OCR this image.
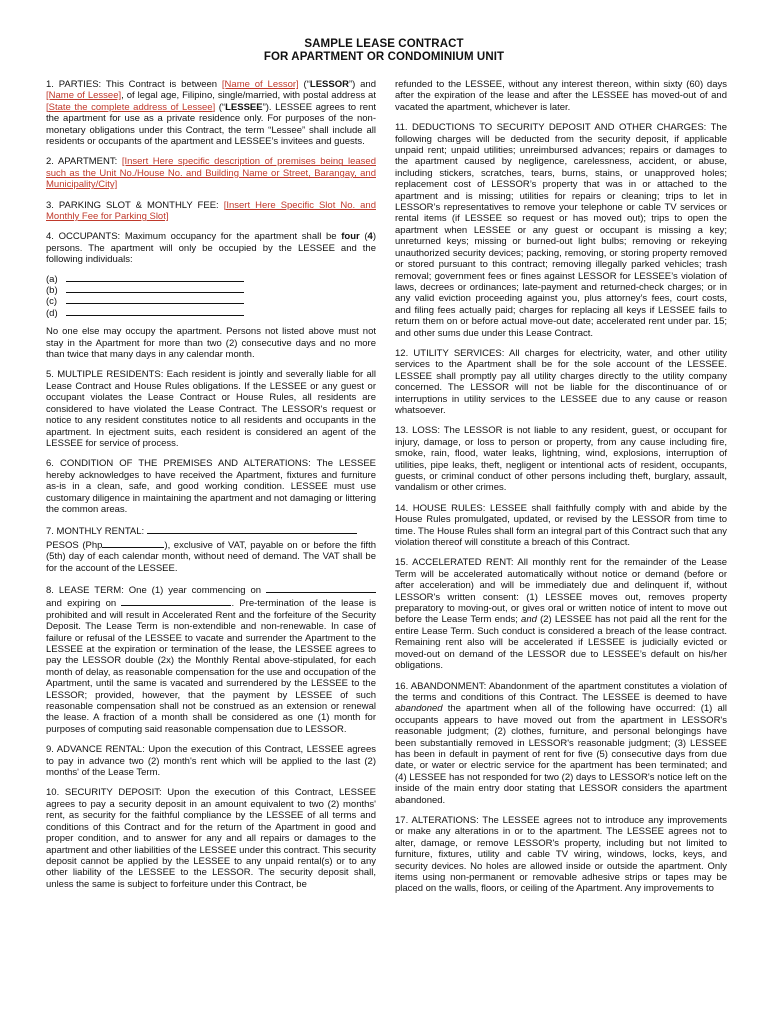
SAMPLE LEASE CONTRACT
FOR APARTMENT OR CONDOMINIUM UNIT

1. PARTIES: This Contract is between [Name of Lessor] (“LESSOR”) and [Name of Lessee], of legal age, Filipino, single/married, with postal address at [State the complete address of Lessee] (“LESSEE”). LESSEE agrees to rent the apartment for use as a private residence only. For purposes of the non-monetary obligations under this Contract, the term “Lessee” shall include all residents or occupants of the apartment and LESSEE’s invitees and guests.

2. APARTMENT: [Insert Here specific description of premises being leased such as the Unit No./House No. and Building Name or Street, Barangay, and Municipality/City]

3. PARKING SLOT & MONTHLY FEE: [Insert Here Specific Slot No. and Monthly Fee for Parking Slot]

4. OCCUPANTS: Maximum occupancy for the apartment shall be four (4) persons. The apartment will only be occupied by the LESSEE and the following individuals:

(a)
(b)
(c)
(d)

No one else may occupy the apartment. Persons not listed above must not stay in the Apartment for more than two (2) consecutive days and no more than twice that many days in any calendar month.

5. MULTIPLE RESIDENTS: Each resident is jointly and severally liable for all Lease Contract and House Rules obligations. If the LESSEE or any guest or occupant violates the Lease Contract or House Rules, all residents are considered to have violated the Lease Contract. The LESSOR's request or notice to any resident constitutes notice to all residents and occupants in the apartment. In ejectment suits, each resident is considered an agent of the LESSEE for service of process.

6. CONDITION OF THE PREMISES AND ALTERATIONS: The LESSEE hereby acknowledges to have received the Apartment, fixtures and furniture as-is in a clean, safe, and good working condition. LESSEE must use customary diligence in maintaining the apartment and not damaging or littering the common areas.

7. MONTHLY RENTAL:
PESOS (Php	), exclusive of VAT, payable on or before the fifth (5th) day of each calendar month, without need of demand. The VAT shall be for the account of the LESSEE.

8. LEASE TERM: One (1) year commencing on  and expiring on	. Pre-termination of the lease is prohibited and will result in Accelerated Rent and the forfeiture of the Security Deposit. The Lease Term is non-extendible and non-renewable. In case of failure or refusal of the LESSEE to vacate and surrender the Apartment to the LESSEE at the expiration or termination of the lease, the LESSEE agrees to pay the LESSOR double (2x) the Monthly Rental above-stipulated, for each month of delay, as reasonable compensation for the use and occupation of the Apartment, until the same is vacated and surrendered by the LESSEE to the LESSOR; provided, however, that the payment by LESSEE of such reasonable compensation shall not be construed as an extension or renewal the lease. A fraction of a month shall be considered as one (1) month for purposes of computing said reasonable compensation due to LESSOR.

9. ADVANCE RENTAL: Upon the execution of this Contract, LESSEE agrees to pay in advance two (2) month's rent which will be applied to the last (2) months' of the Lease Term.

10. SECURITY DEPOSIT: Upon the execution of this Contract, LESSEE agrees to pay a security deposit in an amount equivalent to two (2) months' rent, as security for the faithful compliance by the LESSEE of all terms and conditions of this Contract and for the return of the Apartment in good and proper condition, and to answer for any and all repairs or damages to the apartment and other liabilities of the LESSEE under this contract. This security deposit cannot be applied by the LESSEE to any unpaid rental(s) or to any other liability of the LESSEE to the LESSOR. The security deposit shall, unless the same is subject to forfeiture under this Contract, be

refunded to the LESSEE, without any interest thereon, within sixty (60) days after the expiration of the lease and after the LESSEE has moved-out of and vacated the apartment, whichever is later.

11. DEDUCTIONS TO SECURITY DEPOSIT AND OTHER CHARGES: The following charges will be deducted from the security deposit, if applicable unpaid rent; unpaid utilities; unreimbursed advances; repairs or damages to the apartment caused by negligence, carelessness, accident, or abuse, including stickers, scratches, tears, burns, stains, or unapproved holes; replacement cost of LESSOR’s property that was in or attached to the apartment and is missing; utilities for repairs or cleaning; trips to let in LESSOR’s representatives to remove your telephone or cable TV services or rental items (if LESSEE so request or has moved out); trips to open the apartment when LESSEE or any guest or occupant is missing a key; unreturned keys; missing or burned-out light bulbs; removing or rekeying unauthorized security devices; packing, removing, or storing property removed or stored pursuant to this contract; removing illegally parked vehicles; trash removal; government fees or fines against LESSOR for LESSEE’s violation of laws, decrees or ordinances; late-payment and returned-check charges; or in any valid eviction proceeding against you, plus attorney’s fees, court costs, and filing fees actually paid; charges for replacing all keys if LESSEE fails to return them on or before actual move-out date; accelerated rent under par. 15; and other sums due under this Lease Contract.

12. UTILITY SERVICES: All charges for electricity, water, and other utility services to the Apartment shall be for the sole account of the LESSEE. LESSEE shall promptly pay all utility charges directly to the utility company concerned. The LESSOR will not be liable for the discontinuance of or interruptions in utility services to the LESSEE due to any cause or reason whatsoever.

13. LOSS: The LESSOR is not liable to any resident, guest, or occupant for injury, damage, or loss to person or property, from any cause including fire, smoke, rain, flood, water leaks, lightning, wind, explosions, interruption of utilities, pipe leaks, theft, negligent or intentional acts of resident, occupants, guests, or criminal conduct of other persons including theft, burglary, assault, vandalism or other crimes.

14. HOUSE RULES: LESSEE shall faithfully comply with and abide by the House Rules promulgated, updated, or revised by the LESSOR from time to time. The House Rules shall form an integral part of this Contract such that any violation thereof will constitute a breach of this Contract.

15. ACCELERATED RENT: All monthly rent for the remainder of the Lease Term will be accelerated automatically without notice or demand (before or after acceleration) and will be immediately due and delinquent if, without LESSOR's written consent: (1) LESSEE moves out, removes property preparatory to moving-out, or gives oral or written notice of intent to move out before the Lease Term ends; and (2) LESSEE has not paid all the rent for the entire Lease Term. Such conduct is considered a breach of the lease contract. Remaining rent also will be accelerated if LESSEE is judicially evicted or moved-out on demand of the LESSOR due to LESSEE’s default on his/her obligations.

16. ABANDONMENT: Abandonment of the apartment constitutes a violation of the terms and conditions of this Contract. The LESSEE is deemed to have abandoned the apartment when all of the following have occurred: (1) all occupants appears to have moved out from the apartment in LESSOR's reasonable judgment; (2) clothes, furniture, and personal belongings have been substantially removed in LESSOR's reasonable judgment; (3) LESSEE has been in default in payment of rent for five (5) consecutive days from due date, or water or electric service for the apartment has been terminated; and (4) LESSEE has not responded for two (2) days to LESSOR's notice left on the inside of the main entry door stating that LESSOR considers the apartment abandoned.

17. ALTERATIONS: The LESSEE agrees not to introduce any improvements or make any alterations in or to the apartment. The LESSEE agrees not to alter, damage, or remove LESSOR's property, including but not limited to furniture, fixtures, utility and cable TV wiring, windows, locks, keys, and security devices. No holes are allowed inside or outside the apartment. Only items using non-permanent or removable adhesive strips or tapes may be placed on the walls, floors, or ceiling of the Apartment. Any improvements to
